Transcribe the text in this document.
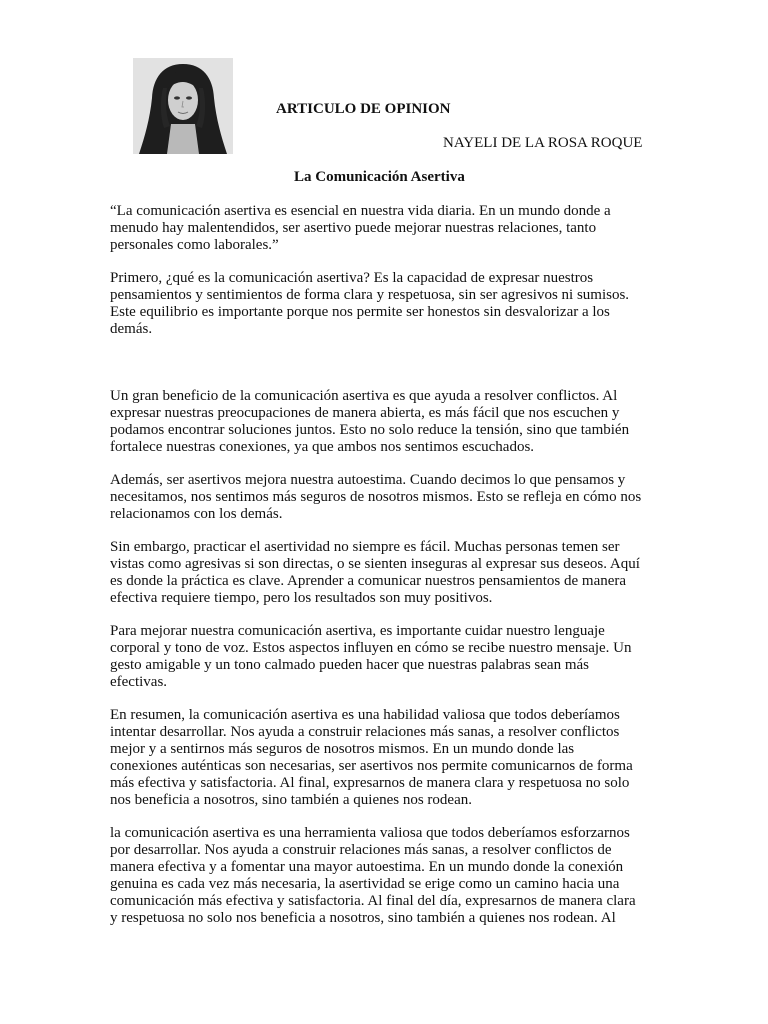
ARTICULO DE OPINION

NAYELI DE LA ROSA ROQUE

La Comunicación Asertiva

“La comunicación asertiva es esencial en nuestra vida diaria. En un mundo donde a
menudo hay malentendidos, ser asertivo puede mejorar nuestras relaciones, tanto
personales como laborales.”

Primero, ¿qué es la comunicación asertiva? Es la capacidad de expresar nuestros
pensamientos y sentimientos de forma clara y respetuosa, sin ser agresivos ni sumisos.
Este equilibrio es importante porque nos permite ser honestos sin desvalorizar a los
demás.

Un gran beneficio de la comunicación asertiva es que ayuda a resolver conflictos. Al
expresar nuestras preocupaciones de manera abierta, es más fácil que nos escuchen y
podamos encontrar soluciones juntos. Esto no solo reduce la tensión, sino que también
fortalece nuestras conexiones, ya que ambos nos sentimos escuchados.

Además, ser asertivos mejora nuestra autoestima. Cuando decimos lo que pensamos y
necesitamos, nos sentimos más seguros de nosotros mismos. Esto se refleja en cómo nos
relacionamos con los demás.

Sin embargo, practicar el asertividad no siempre es fácil. Muchas personas temen ser
vistas como agresivas si son directas, o se sienten inseguras al expresar sus deseos. Aquí
es donde la práctica es clave. Aprender a comunicar nuestros pensamientos de manera
efectiva requiere tiempo, pero los resultados son muy positivos.

Para mejorar nuestra comunicación asertiva, es importante cuidar nuestro lenguaje
corporal y tono de voz. Estos aspectos influyen en cómo se recibe nuestro mensaje. Un
gesto amigable y un tono calmado pueden hacer que nuestras palabras sean más
efectivas.

En resumen, la comunicación asertiva es una habilidad valiosa que todos deberíamos
intentar desarrollar. Nos ayuda a construir relaciones más sanas, a resolver conflictos
mejor y a sentirnos más seguros de nosotros mismos. En un mundo donde las
conexiones auténticas son necesarias, ser asertivos nos permite comunicarnos de forma
más efectiva y satisfactoria. Al final, expresarnos de manera clara y respetuosa no solo
nos beneficia a nosotros, sino también a quienes nos rodean.

la comunicación asertiva es una herramienta valiosa que todos deberíamos esforzarnos
por desarrollar. Nos ayuda a construir relaciones más sanas, a resolver conflictos de
manera efectiva y a fomentar una mayor autoestima. En un mundo donde la conexión
genuina es cada vez más necesaria, la asertividad se erige como un camino hacia una
comunicación más efectiva y satisfactoria. Al final del día, expresarnos de manera clara
y respetuosa no solo nos beneficia a nosotros, sino también a quienes nos rodean. Al
